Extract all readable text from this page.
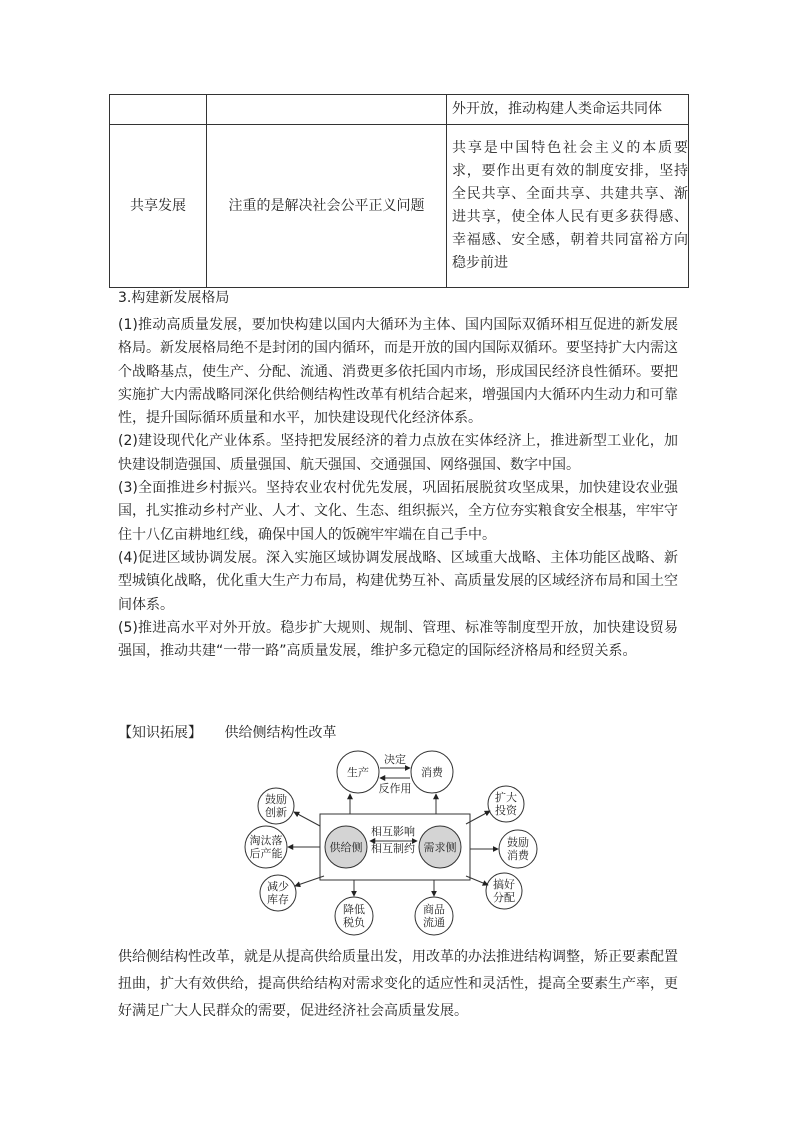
		外开放，推动构建人类命运共同体
共享发展	注重的是解决社会公平正义问题	共享是中国特色社会主义的本质要求，要作出更有效的制度安排，坚持全民共享、全面共享、共建共享、渐进共享，使全体人民有更多获得感、幸福感、安全感，朝着共同富裕方向稳步前进
3.构建新发展格局

(1)推动高质量发展，要加快构建以国内大循环为主体、国内国际双循环相互促进的新发展格局。新发展格局绝不是封闭的国内循环，而是开放的国内国际双循环。要坚持扩大内需这个战略基点，使生产、分配、流通、消费更多依托国内市场，形成国民经济良性循环。要把实施扩大内需战略同深化供给侧结构性改革有机结合起来，增强国内大循环内生动力和可靠性，提升国际循环质量和水平，加快建设现代化经济体系。

(2)建设现代化产业体系。坚持把发展经济的着力点放在实体经济上，推进新型工业化，加快建设制造强国、质量强国、航天强国、交通强国、网络强国、数字中国。

(3)全面推进乡村振兴。坚持农业农村优先发展，巩固拓展脱贫攻坚成果，加快建设农业强国，扎实推动乡村产业、人才、文化、生态、组织振兴，全方位夯实粮食安全根基，牢牢守住十八亿亩耕地红线，确保中国人的饭碗牢牢端在自己手中。

(4)促进区域协调发展。深入实施区域协调发展战略、区域重大战略、主体功能区战略、新型城镇化战略，优化重大生产力布局，构建优势互补、高质量发展的区域经济布局和国土空间体系。

(5)推进高水平对外开放。稳步扩大规则、规制、管理、标准等制度型开放，加快建设贸易强国，推动共建“一带一路”高质量发展，维护多元稳定的国际经济格局和经贸关系。

【知识拓展】 供给侧结构性改革
生产	消费
决定
反作用
供给侧	需求侧
相互影响
相互制约
鼓励
创新
淘汰落
后产能
减少
库存
降低
税负
商品
流通
搞好
分配
鼓励
消费
扩大
投资
供给侧结构性改革，就是从提高供给质量出发，用改革的办法推进结构调整，矫正要素配置扭曲，扩大有效供给，提高供给结构对需求变化的适应性和灵活性，提高全要素生产率，更好满足广大人民群众的需要，促进经济社会高质量发展。
